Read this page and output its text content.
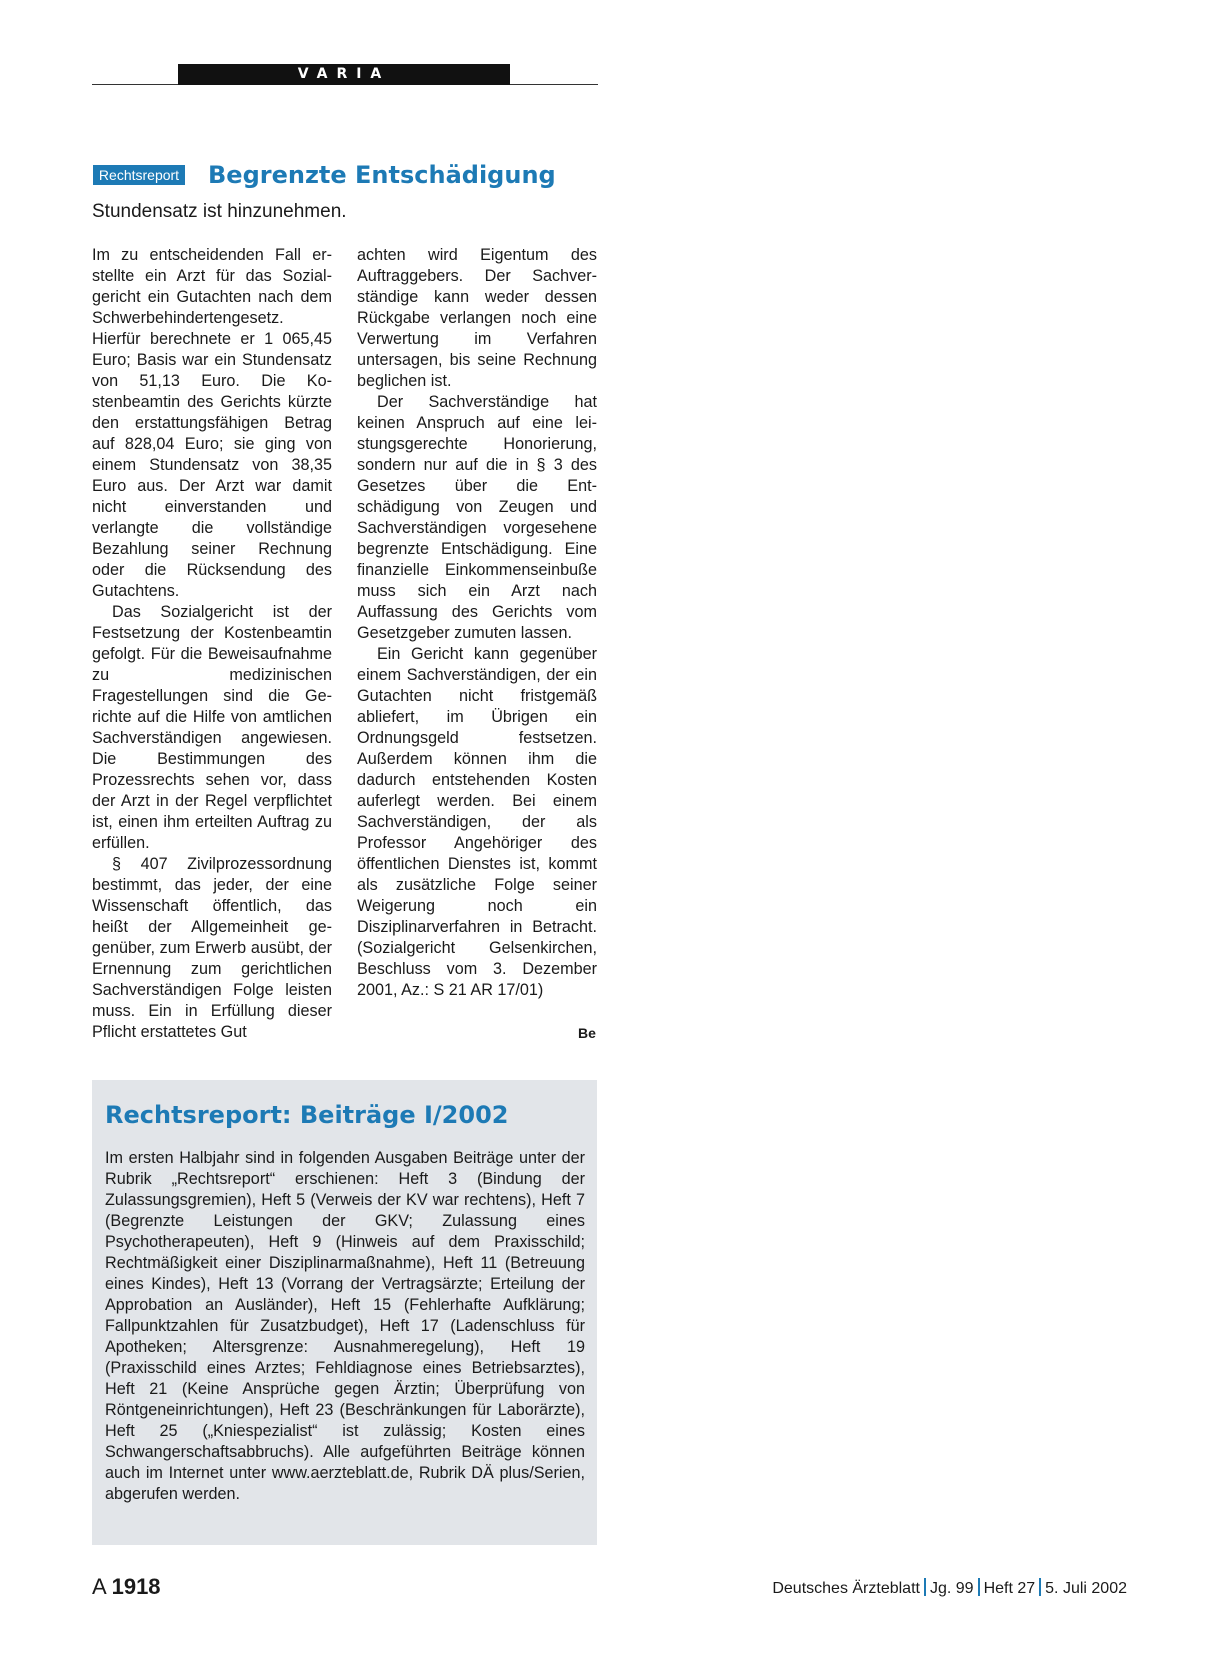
VARIA
Rechtsreport Begrenzte Entschädigung

Stundensatz ist hinzunehmen.

Im zu entscheidenden Fall erstellte ein Arzt für das Sozialgericht ein Gutachten nach dem Schwerbehindertengesetz. Hierfür berechnete er 1 065,45 Euro; Basis war ein Stundensatz von 51,13 Euro. Die Kostenbeamtin des Gerichts kürzte den erstattungsfähigen Betrag auf 828,04 Euro; sie ging von einem Stundensatz von 38,35 Euro aus. Der Arzt war damit nicht einverstanden und verlangte die vollständige Bezahlung seiner Rechnung oder die Rücksendung des Gutachtens.

Das Sozialgericht ist der Festsetzung der Kostenbeamtin gefolgt. Für die Beweisaufnahme zu medizinischen Fragestellungen sind die Gerichte auf die Hilfe von amtlichen Sachverständigen angewiesen. Die Bestimmungen des Prozessrechts sehen vor, dass der Arzt in der Regel verpflichtet ist, einen ihm erteilten Auftrag zu erfüllen.

§ 407 Zivilprozessordnung bestimmt, das jeder, der eine Wissenschaft öffentlich, das heißt der Allgemeinheit gegenüber, zum Erwerb ausübt, der Ernennung zum gerichtlichen Sachverständigen Folge leisten muss. Ein in Erfüllung dieser Pflicht erstattetes Gut

achten wird Eigentum des Auftraggebers. Der Sachverständige kann weder dessen Rückgabe verlangen noch eine Verwertung im Verfahren untersagen, bis seine Rechnung beglichen ist.

Der Sachverständige hat keinen Anspruch auf eine leistungsgerechte Honorierung, sondern nur auf die in § 3 des Gesetzes über die Entschädigung von Zeugen und Sachverständigen vorgesehene begrenzte Entschädigung. Eine finanzielle Einkommenseinbuße muss sich ein Arzt nach Auffassung des Gerichts vom Gesetzgeber zumuten lassen.

Ein Gericht kann gegenüber einem Sachverständigen, der ein Gutachten nicht fristgemäß abliefert, im Übrigen ein Ordnungsgeld festsetzen. Außerdem können ihm die dadurch entstehenden Kosten auferlegt werden. Bei einem Sachverständigen, der als Professor Angehöriger des öffentlichen Dienstes ist, kommt als zusätzliche Folge seiner Weigerung noch ein Disziplinarverfahren in Betracht. (Sozialgericht Gelsenkirchen, Beschluss vom 3. Dezember 2001, Az.: S 21 AR 17/01)

Be
Rechtsreport: Beiträge I/2002

Im ersten Halbjahr sind in folgenden Ausgaben Beiträge unter der Rubrik „Rechtsreport“ erschienen: Heft 3 (Bindung der Zulassungsgremien), Heft 5 (Verweis der KV war rechtens), Heft 7 (Begrenzte Leistungen der GKV; Zulassung eines Psychotherapeuten), Heft 9 (Hinweis auf dem Praxisschild; Rechtmäßigkeit einer Disziplinarmaßnahme), Heft 11 (Betreuung eines Kindes), Heft 13 (Vorrang der Vertragsärzte; Erteilung der Approbation an Ausländer), Heft 15 (Fehlerhafte Aufklärung; Fallpunktzahlen für Zusatzbudget), Heft 17 (Ladenschluss für Apotheken; Altersgrenze: Ausnahmeregelung), Heft 19 (Praxisschild eines Arztes; Fehldiagnose eines Betriebsarztes), Heft 21 (Keine Ansprüche gegen Ärztin; Überprüfung von Röntgeneinrichtungen), Heft 23 (Beschränkungen für Laborärzte), Heft 25 („Kniespezialist“ ist zulässig; Kosten eines Schwangerschaftsabbruchs). Alle aufgeführten Beiträge können auch im Internet unter www.aerzteblatt.de, Rubrik DÄ plus/Serien, abgerufen werden.

A 1918	Deutsches Ärzteblatt Jg. 99 Heft 27 5. Juli 2002
